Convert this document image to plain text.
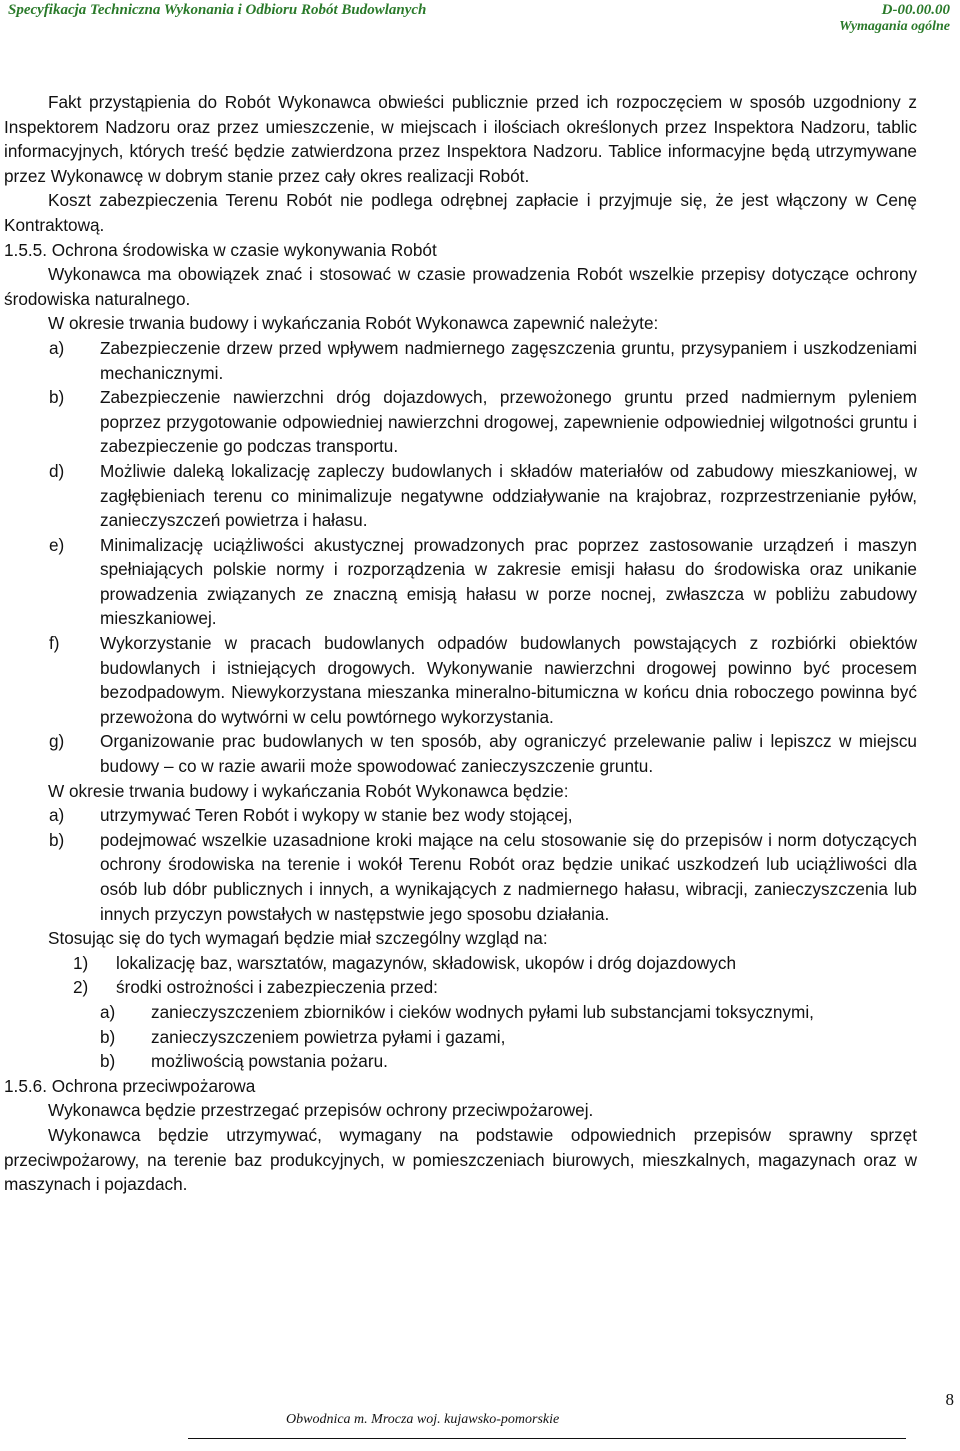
Specyfikacja Techniczna Wykonania i Odbioru Robót Budowlanych	D-00.00.00
Wymagania ogólne

Fakt przystąpienia do Robót Wykonawca obwieści publicznie przed ich rozpoczęciem w sposób uzgodniony z Inspektorem Nadzoru oraz przez umieszczenie, w miejscach i ilościach określonych przez Inspektora Nadzoru, tablic informacyjnych, których treść będzie zatwierdzona przez Inspektora Nadzoru. Tablice informacyjne będą utrzymywane przez Wykonawcę w dobrym stanie przez cały okres realizacji Robót.

Koszt zabezpieczenia Terenu Robót nie podlega odrębnej zapłacie i przyjmuje się, że jest włączony w Cenę Kontraktową.

1.5.5. Ochrona środowiska w czasie wykonywania Robót

Wykonawca ma obowiązek znać i stosować w czasie prowadzenia Robót wszelkie przepisy dotyczące ochrony środowiska naturalnego.

W okresie trwania budowy i wykańczania Robót Wykonawca zapewnić należyte:

a) Zabezpieczenie drzew przed wpływem nadmiernego zagęszczenia gruntu, przysypaniem i uszkodzeniami mechanicznymi.
b) Zabezpieczenie nawierzchni dróg dojazdowych, przewożonego gruntu przed nadmiernym pyleniem poprzez przygotowanie odpowiedniej nawierzchni drogowej, zapewnienie odpowiedniej wilgotności gruntu i zabezpieczenie go podczas transportu.
d) Możliwie daleką lokalizację zapleczy budowlanych i składów materiałów od zabudowy mieszkaniowej, w zagłębieniach terenu co minimalizuje negatywne oddziaływanie na krajobraz, rozprzestrzenianie pyłów, zanieczyszczeń powietrza i hałasu.
e) Minimalizację uciążliwości akustycznej prowadzonych prac poprzez zastosowanie urządzeń i maszyn spełniających polskie normy i rozporządzenia w zakresie emisji hałasu do środowiska oraz unikanie prowadzenia związanych ze znaczną emisją hałasu w porze nocnej, zwłaszcza w pobliżu zabudowy mieszkaniowej.
f) Wykorzystanie w pracach budowlanych odpadów budowlanych powstających z rozbiórki obiektów budowlanych i istniejących drogowych. Wykonywanie nawierzchni drogowej powinno być procesem bezodpadowym. Niewykorzystana mieszanka mineralno-bitumiczna w końcu dnia roboczego powinna być przewożona do wytwórni w celu powtórnego wykorzystania.
g) Organizowanie prac budowlanych w ten sposób, aby ograniczyć przelewanie paliw i lepiszcz w miejscu budowy – co w razie awarii może spowodować zanieczyszczenie gruntu.

W okresie trwania budowy i wykańczania Robót Wykonawca będzie:

a) utrzymywać Teren Robót i wykopy w stanie bez wody stojącej,
b) podejmować wszelkie uzasadnione kroki mające na celu stosowanie się do przepisów i norm dotyczących ochrony środowiska na terenie i wokół Terenu Robót oraz będzie unikać uszkodzeń lub uciążliwości dla osób lub dóbr publicznych i innych, a wynikających z nadmiernego hałasu, wibracji, zanieczyszczenia lub innych przyczyn powstałych w następstwie jego sposobu działania.

Stosując się do tych wymagań będzie miał szczególny wzgląd na:

1) lokalizację baz, warsztatów, magazynów, składowisk, ukopów i dróg dojazdowych
2) środki ostrożności i zabezpieczenia przed:
a) zanieczyszczeniem zbiorników i cieków wodnych pyłami lub substancjami toksycznymi,
b) zanieczyszczeniem powietrza pyłami i gazami,
b) możliwością powstania pożaru.

1.5.6. Ochrona przeciwpożarowa

Wykonawca będzie przestrzegać przepisów ochrony przeciwpożarowej.

Wykonawca będzie utrzymywać, wymagany na podstawie odpowiednich przepisów sprawny sprzęt przeciwpożarowy, na terenie baz produkcyjnych, w pomieszczeniach biurowych, mieszkalnych, magazynach oraz w maszynach i pojazdach.

8
Obwodnica m. Mrocza woj. kujawsko-pomorskie
